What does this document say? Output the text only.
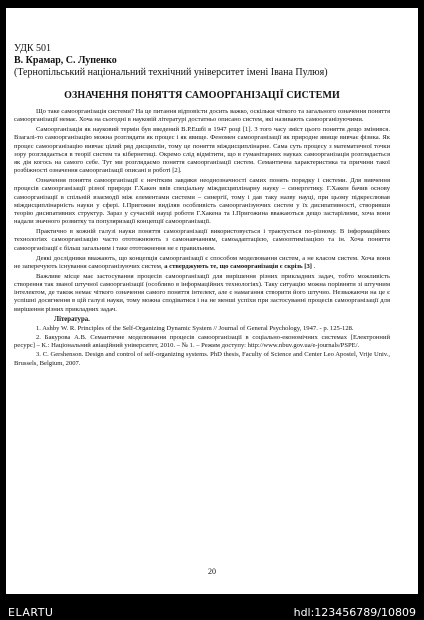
УДК 501

В. Крамар, С. Лупенко

(Тернопільський національний технічний університет імені Івана Пулюя)

ОЗНАЧЕННЯ ПОНЯТТЯ САМООРГАНІЗАЦІЇ СИСТЕМИ

Що таке самоорганізація системи? На це питання відповісти досить важко, оскільки чіткого та загального означення поняття самоорганізації немає. Хоча на сьогодні в науковій літературі достатньо описано систем, які називають самоорганізуючими.

Самоорганізація як науковий термін був введений В.Р.Ешбі в 1947 році [1]. З того часу зміст цього поняття дещо змінився. Взагалі-то самоорганізацію можна розглядати як процес і як явище. Феномен самоорганізації як природне явище вивчає фізика. Як процес самоорганізацію вивчає цілий ряд дисциплін, тому це поняття міждисциплінарне. Сама суть процесу з математичної точки зору розглядається в теорії систем та кібернетиці. Окремо слід відмітити, що в гуманітарних науках самоорганізація розглядається як дія когось на самого себе. Тут ми розглядаємо поняття самоорганізації систем. Семантична характеристика та причини такої розбіжності означення самоорганізації описані в роботі [2].

Означення поняття самоорганізації є нечітким завдяки неоднозначності самих понять порядку і системи. Для вивчення процесів самоорганізації різної природи Г.Хакен ввів спеціальну міждисциплінарну науку – синергетику. Г.Хакен бачив основу самоорганізації в спільній взаємодії між елементами системи – синергії, тому і дав таку назву науці, при цьому підкреслював міждисциплінарність науки у сфері. І.Пригожин виділяв особливість самоорганізуючих систем у їх дисипативності, створивши теорію дисипативних структур. Зараз у сучасній науці роботи Г.Хакена та І.Пригожина вважаються дещо застарілими, хоча вони надали значного розвитку та популяризації концепції самоорганізації.

Практично в кожній галузі науки поняття самоорганізації використовується і трактується по-різному. В інформаційних технологіях самоорганізацію часто ототожнюють з самонавчанням, самоадаптацією, самооптимізацією та ін. Хоча поняття самоорганізації є більш загальним і таке ототожнення не є правильним.

Деякі дослідники вважають, що концепція самоорганізації є способом моделювання систем, а не класом систем. Хоча вони не заперечують існування самоорганізуючих систем, а стверджують те, що самоорганізація є скрізь [3] .

Важливе місце має застосування процесів самоорганізації для вирішення різних прикладних задач, тобто можливість створення так званої штучної самоорганізації (особливо в інформаційних технологіях). Таку ситуацію можна порівняти зі штучним інтелектом, де також немає чіткого означення самого поняття інтелект, але є намагання створити його штучно. Незважаючи на це є успішні досягнення в цій галузі науки, тому можна сподіватися і на не менші успіхи при застосуванні процесів самоорганізації для вирішення різних прикладних задач.

Література.

1. Ashby W. R. Principles of the Self-Organizing Dynamic System // Journal of General Psychology, 1947. - p. 125-128.

2. Бакурова А.В. Семантичне моделювання процесів самоорганізації в соціально-економічних системах [Електронний ресурс] – К.: Національний авіаційний університет, 2010. – № 1. – Режим доступу: http://www.nbuv.gov.ua/e-journals/PSPE/.

3. C. Gershenson. Design and control of self-organizing systems. PhD thesis, Faculty of Science and Center Leo Apostel, Vrije Univ., Brussels, Belgium, 2007.

20
ELARTU	hdl:123456789/10809
